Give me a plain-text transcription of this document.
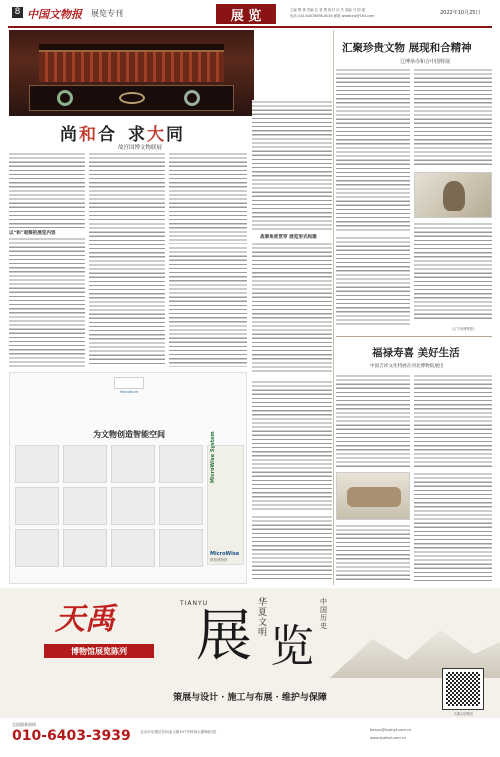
8 中国文物报 展览专刊	展 览	主编 樊 重 责编 汪 普 慧 校对 沙 杰 美编 马 国 强
电话 010-84078698-8026 邮箱 wwbbxw@163.com	2022年10月25日
尚 和 合 求 大 同
故宫国博文物联展
以“和”观察的展览内容
战事角度贯穿 展览形式构建
Fancotium
为文物创造智能空间	MicroWise System
MicroWise
微智博物馆
汇聚珍贵文物 展现和合精神
辽博举办和合中国特展
（辽宁省博物馆）
福禄寿喜 美好生活
中国吉祥文化特展在河北博物院展出
天禹	TIANYU
展
华夏文明 览
中国历史
博物馆展览陈列
策展与设计 · 施工与布展 · 维护与保障
全国服务热线
010-6403-3939	北京市东城区东四北大街107号科林大厦B座5层	tianyu@tywhyt.com.cn
www.tywhyt.com.cn
天禹文化集团
